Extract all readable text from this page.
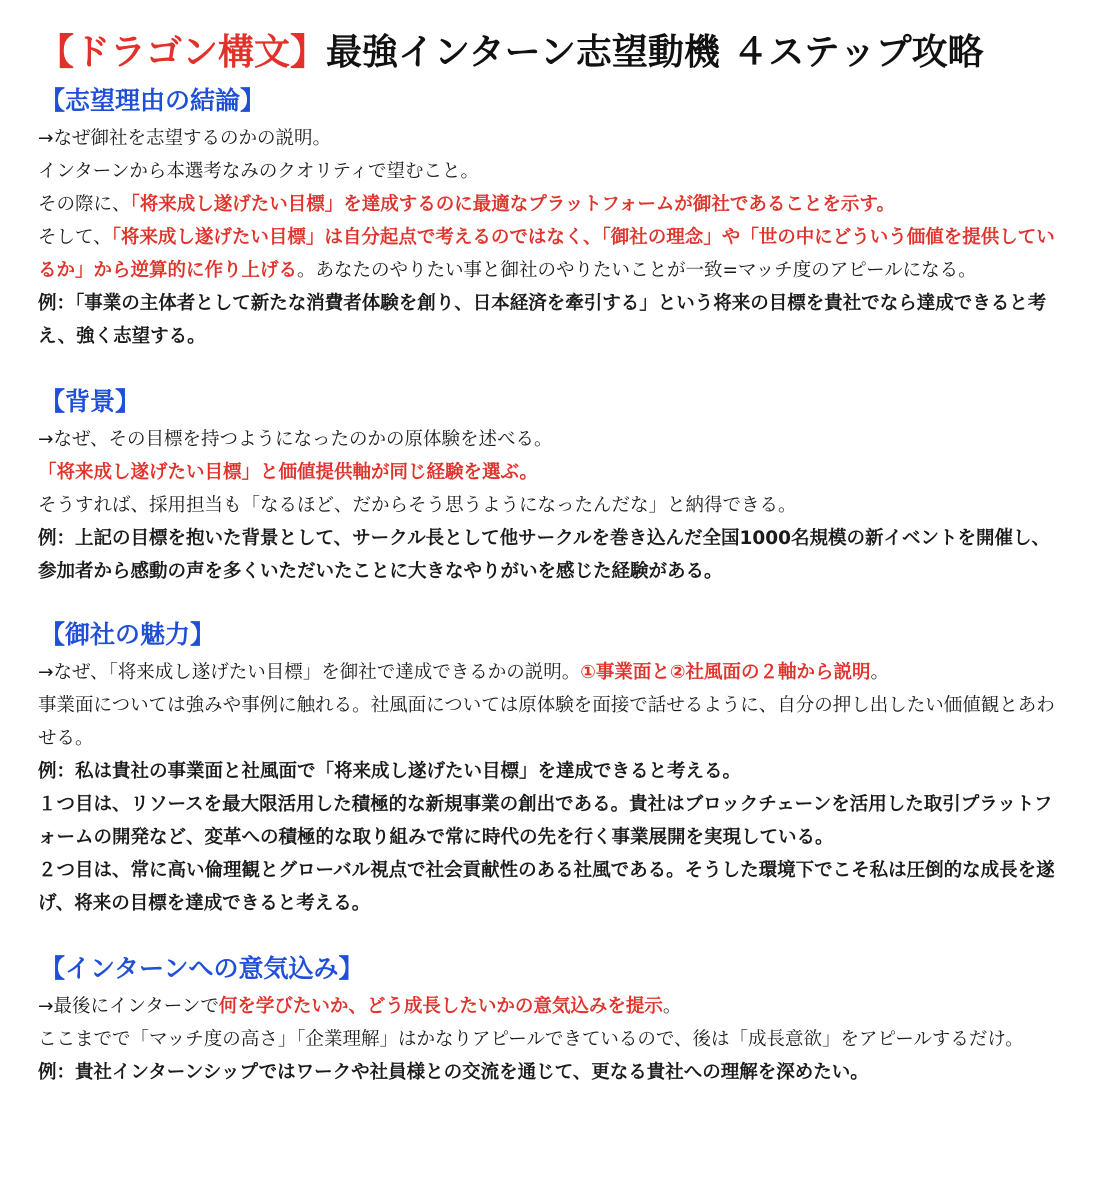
【ドラゴン構文】最強インターン志望動機 ４ステップ攻略
【志望理由の結論】

→なぜ御社を志望するのかの説明。

インターンから本選考なみのクオリティで望むこと。

その際に、「将来成し遂げたい目標」を達成するのに最適なプラットフォームが御社であることを示す。

そして、「将来成し遂げたい目標」は自分起点で考えるのではなく、「御社の理念」や「世の中にどういう価値を提供しているか」から逆算的に作り上げる。あなたのやりたい事と御社のやりたいことが一致=マッチ度のアピールになる。

例：「事業の主体者として新たな消費者体験を創り、日本経済を牽引する」という将来の目標を貴社でなら達成できると考え、強く志望する。

【背景】

→なぜ、その目標を持つようになったのかの原体験を述べる。

「将来成し遂げたい目標」と価値提供軸が同じ経験を選ぶ。

そうすれば、採用担当も「なるほど、だからそう思うようになったんだな」と納得できる。

例：上記の目標を抱いた背景として、サークル長として他サークルを巻き込んだ全国1000名規模の新イベントを開催し、参加者から感動の声を多くいただいたことに大きなやりがいを感じた経験がある。

【御社の魅力】

→なぜ、「将来成し遂げたい目標」を御社で達成できるかの説明。①事業面と②社風面の２軸から説明。

事業面については強みや事例に触れる。社風面については原体験を面接で話せるように、自分の押し出したい価値観とあわせる。

例：私は貴社の事業面と社風面で「将来成し遂げたい目標」を達成できると考える。

１つ目は、リソースを最大限活用した積極的な新規事業の創出である。貴社はブロックチェーンを活用した取引プラットフォームの開発など、変革への積極的な取り組みで常に時代の先を行く事業展開を実現している。

２つ目は、常に高い倫理観とグローバル視点で社会貢献性のある社風である。そうした環境下でこそ私は圧倒的な成長を遂げ、将来の目標を達成できると考える。

【インターンへの意気込み】

→最後にインターンで何を学びたいか、どう成長したいかの意気込みを提示。

ここまでで「マッチ度の高さ」「企業理解」はかなりアピールできているので、後は「成長意欲」をアピールするだけ。

例：貴社インターンシップではワークや社員様との交流を通じて、更なる貴社への理解を深めたい。
